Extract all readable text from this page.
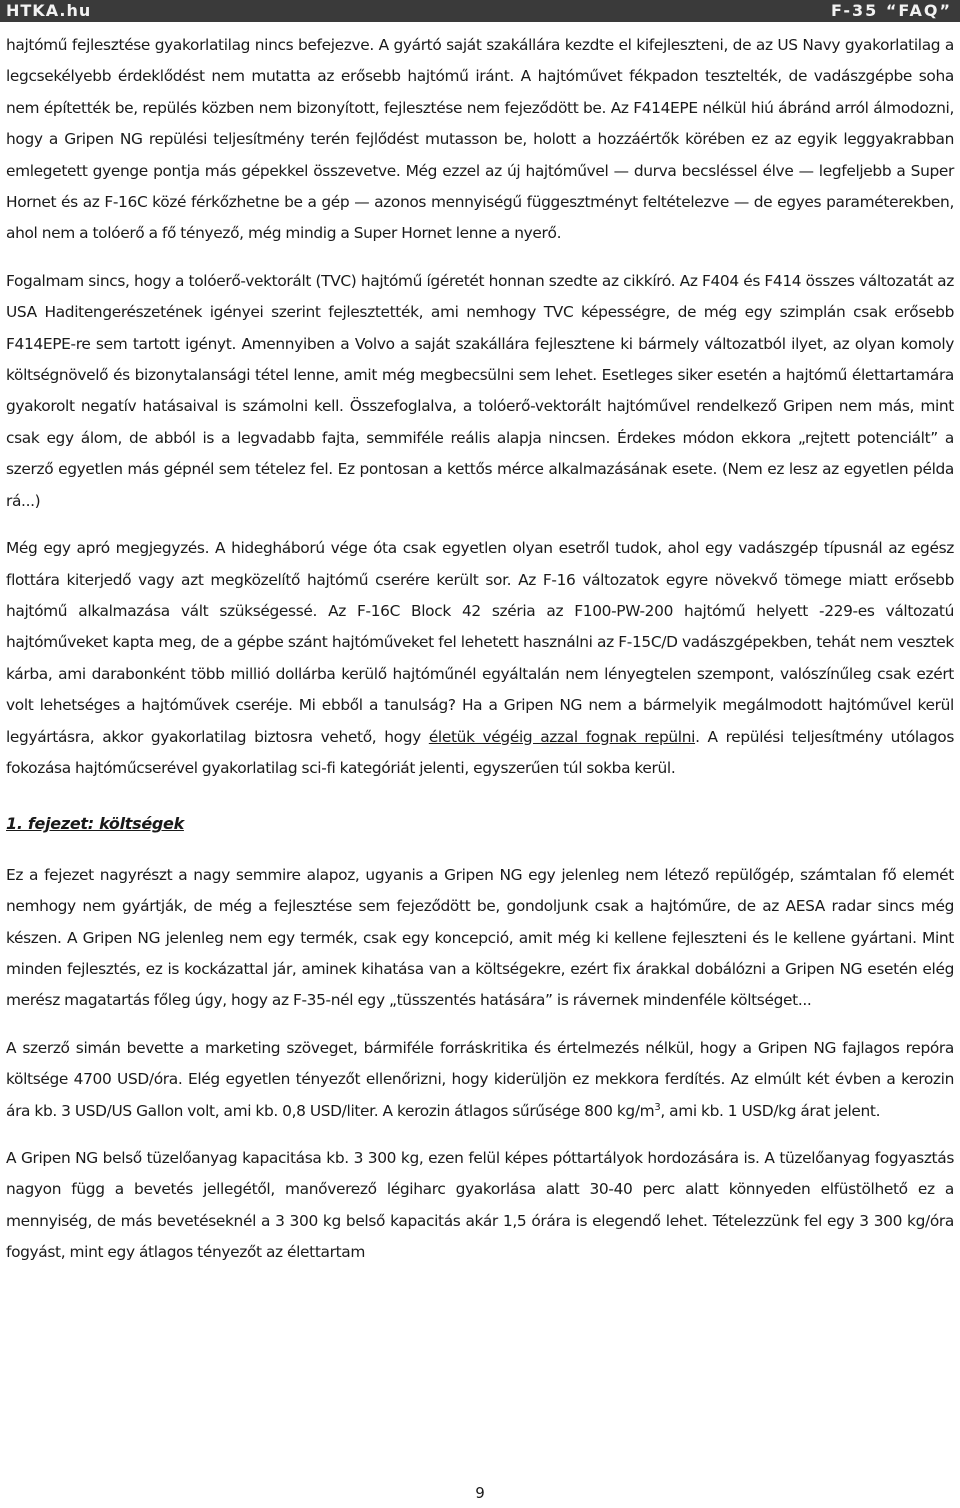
HTKA.hu	F-35 “FAQ”

hajtómű fejlesztése gyakorlatilag nincs befejezve. A gyártó saját szakállára kezdte el kifejleszteni, de az US Navy gyakorlatilag a legcsekélyebb érdeklődést nem mutatta az erősebb hajtómű iránt. A hajtóművet fékpadon tesztelték, de vadászgépbe soha nem építették be, repülés közben nem bizonyított, fejlesztése nem fejeződött be. Az F414EPE nélkül hiú ábránd arról álmodozni, hogy a Gripen NG repülési teljesítmény terén fejlődést mutasson be, holott a hozzáértők körében ez az egyik leggyakrabban emlegetett gyenge pontja más gépekkel összevetve. Még ezzel az új hajtóművel — durva becsléssel élve — legfeljebb a Super Hornet és az F-16C közé férkőzhetne be a gép — azonos mennyiségű függesztményt feltételezve — de egyes paraméterekben, ahol nem a tolóerő a fő tényező, még mindig a Super Hornet lenne a nyerő.

Fogalmam sincs, hogy a tolóerő-vektorált (TVC) hajtómű ígéretét honnan szedte az cikkíró. Az F404 és F414 összes változatát az USA Haditengerészetének igényei szerint fejlesztették, ami nemhogy TVC képességre, de még egy szimplán csak erősebb F414EPE-re sem tartott igényt. Amennyiben a Volvo a saját szakállára fejlesztene ki bármely változatból ilyet, az olyan komoly költségnövelő és bizonytalansági tétel lenne, amit még megbecsülni sem lehet. Esetleges siker esetén a hajtómű élettartamára gyakorolt negatív hatásaival is számolni kell. Összefoglalva, a tolóerő-vektorált hajtóművel rendelkező Gripen nem más, mint csak egy álom, de abból is a legvadabb fajta, semmiféle reális alapja nincsen. Érdekes módon ekkora „rejtett potenciált” a szerző egyetlen más gépnél sem tételez fel. Ez pontosan a kettős mérce alkalmazásának esete. (Nem ez lesz az egyetlen példa rá...)

Még egy apró megjegyzés. A hidegháború vége óta csak egyetlen olyan esetről tudok, ahol egy vadászgép típusnál az egész flottára kiterjedő vagy azt megközelítő hajtómű cserére került sor. Az F-16 változatok egyre növekvő tömege miatt erősebb hajtómű alkalmazása vált szükségessé. Az F-16C Block 42 széria az F100-PW-200 hajtómű helyett -229-es változatú hajtóműveket kapta meg, de a gépbe szánt hajtóműveket fel lehetett használni az F-15C/D vadászgépekben, tehát nem vesztek kárba, ami darabonként több millió dollárba kerülő hajtóműnél egyáltalán nem lényegtelen szempont, valószínűleg csak ezért volt lehetséges a hajtóművek cseréje. Mi ebből a tanulság? Ha a Gripen NG nem a bármelyik megálmodott hajtóművel kerül legyártásra, akkor gyakorlatilag biztosra vehető, hogy életük végéig azzal fognak repülni. A repülési teljesítmény utólagos fokozása hajtóműcserével gyakorlatilag sci-fi kategóriát jelenti, egyszerűen túl sokba kerül.

1. fejezet: költségek

Ez a fejezet nagyrészt a nagy semmire alapoz, ugyanis a Gripen NG egy jelenleg nem létező repülőgép, számtalan fő elemét nemhogy nem gyártják, de még a fejlesztése sem fejeződött be, gondoljunk csak a hajtóműre, de az AESA radar sincs még készen. A Gripen NG jelenleg nem egy termék, csak egy koncepció, amit még ki kellene fejleszteni és le kellene gyártani. Mint minden fejlesztés, ez is kockázattal jár, aminek kihatása van a költségekre, ezért fix árakkal dobálózni a Gripen NG esetén elég merész magatartás főleg úgy, hogy az F-35-nél egy „tüsszentés hatására” is rávernek mindenféle költséget...

A szerző simán bevette a marketing szöveget, bármiféle forráskritika és értelmezés nélkül, hogy a Gripen NG fajlagos repóra költsége 4700 USD/óra. Elég egyetlen tényezőt ellenőrizni, hogy kiderüljön ez mekkora ferdítés. Az elmúlt két évben a kerozin ára kb. 3 USD/US Gallon volt, ami kb. 0,8 USD/liter. A kerozin átlagos sűrűsége 800 $kg/m^3$, ami kb. 1 USD/kg árat jelent.

A Gripen NG belső tüzelőanyag kapacitása kb. 3 300 kg, ezen felül képes póttartályok hordozására is. A tüzelőanyag fogyasztás nagyon függ a bevetés jellegétől, manőverező légiharc gyakorlása alatt 30-40 perc alatt könnyeden elfüstölhető ez a mennyiség, de más bevetéseknél a 3 300 kg belső kapacitás akár 1,5 órára is elegendő lehet. Tételezzünk fel egy 3 300 kg/óra fogyást, mint egy átlagos tényezőt az élettartam

9
